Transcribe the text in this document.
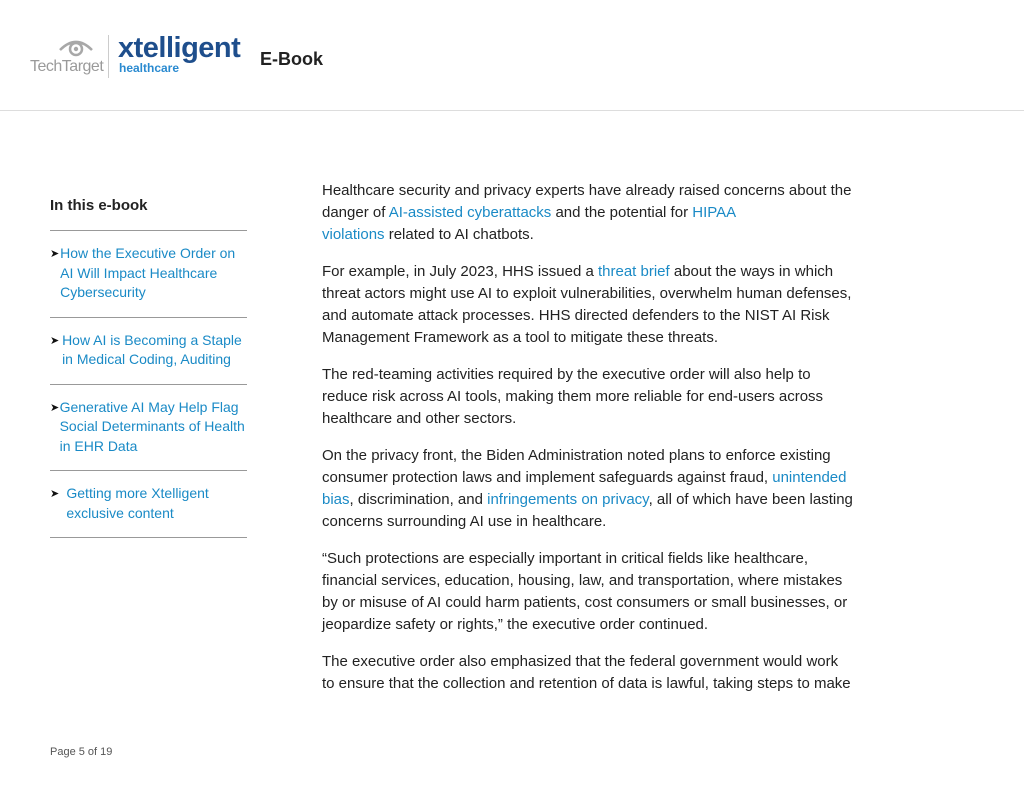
TechTarget
xtelligent
healthcare	E-Book
In this e-book
➤ How the Executive Order on AI Will Impact Healthcare Cybersecurity
➤ How AI is Becoming a Staple in Medical Coding, Auditing
➤ Generative AI May Help Flag Social Determinants of Health in EHR Data
➤ Getting more Xtelligent exclusive content
Healthcare security and privacy experts have already raised concerns about the
danger of AI-assisted cyberattacks and the potential for HIPAA
violations related to AI chatbots.
For example, in July 2023, HHS issued a threat brief about the ways in which
threat actors might use AI to exploit vulnerabilities, overwhelm human defenses,
and automate attack processes. HHS directed defenders to the NIST AI Risk
Management Framework as a tool to mitigate these threats.
The red-teaming activities required by the executive order will also help to
reduce risk across AI tools, making them more reliable for end-users across
healthcare and other sectors.
On the privacy front, the Biden Administration noted plans to enforce existing
consumer protection laws and implement safeguards against fraud, unintended
bias, discrimination, and infringements on privacy, all of which have been lasting
concerns surrounding AI use in healthcare.
“Such protections are especially important in critical fields like healthcare,
financial services, education, housing, law, and transportation, where mistakes
by or misuse of AI could harm patients, cost consumers or small businesses, or
jeopardize safety or rights,” the executive order continued.
The executive order also emphasized that the federal government would work
to ensure that the collection and retention of data is lawful, taking steps to make
Page 5 of 19
